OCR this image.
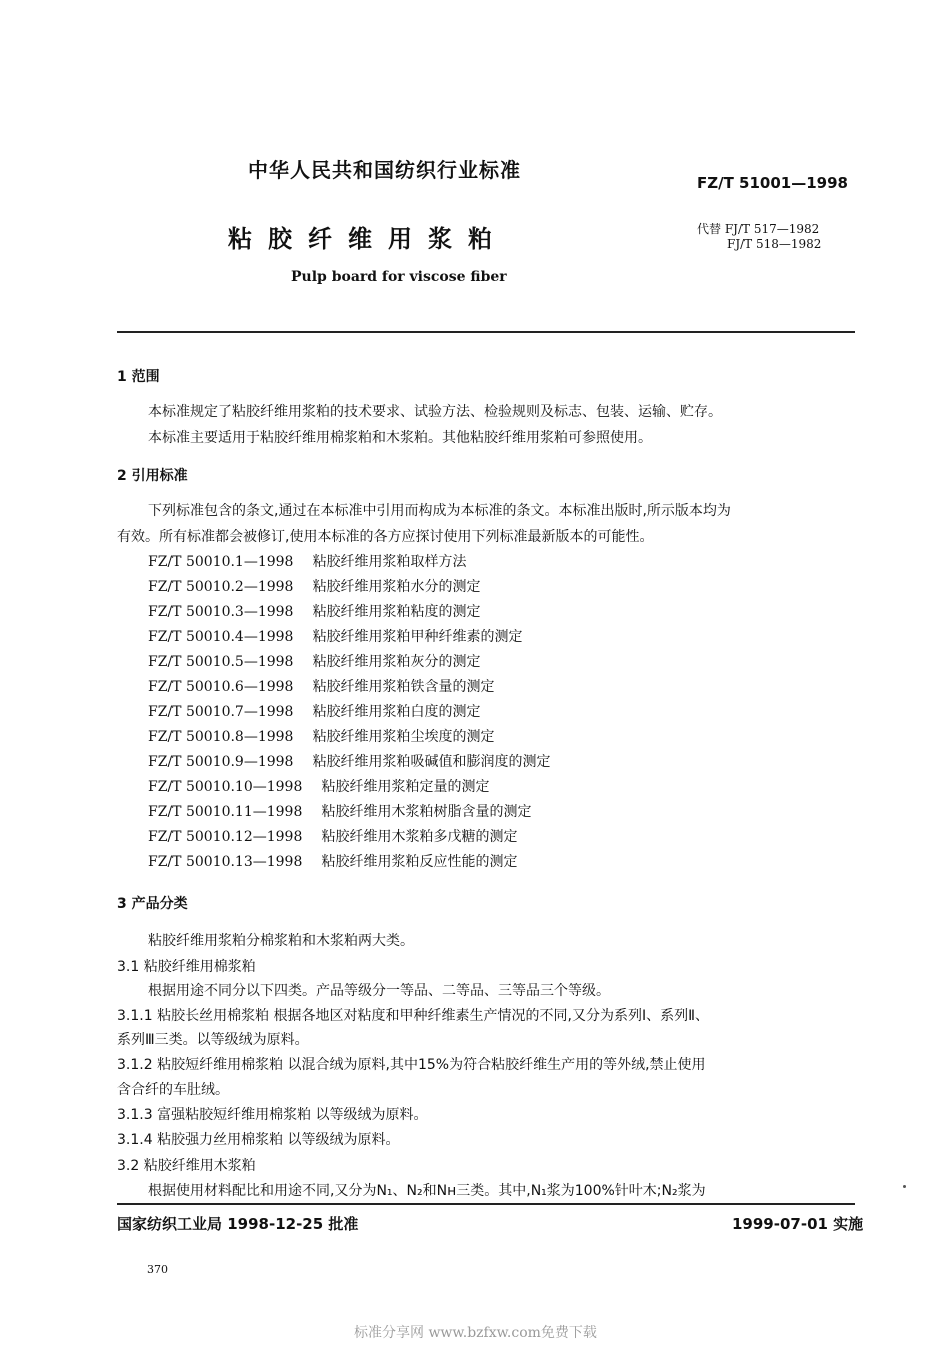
中华人民共和国纺织行业标准
FZ/T 51001—1998
粘胶纤维用浆粕	代替 FJ/T 517—1982
FJ/T 518—1982
Pulp board for viscose fiber
1 范围
本标准规定了粘胶纤维用浆粕的技术要求、试验方法、检验规则及标志、包装、运输、贮存。
本标准主要适用于粘胶纤维用棉浆粕和木浆粕。其他粘胶纤维用浆粕可参照使用。
2 引用标准
下列标准包含的条文,通过在本标准中引用而构成为本标准的条文。本标准出版时,所示版本均为
有效。所有标准都会被修订,使用本标准的各方应探讨使用下列标准最新版本的可能性。
FZ/T 50010.1—1998 粘胶纤维用浆粕取样方法
FZ/T 50010.2—1998 粘胶纤维用浆粕水分的测定
FZ/T 50010.3—1998 粘胶纤维用浆粕粘度的测定
FZ/T 50010.4—1998 粘胶纤维用浆粕甲种纤维素的测定
FZ/T 50010.5—1998 粘胶纤维用浆粕灰分的测定
FZ/T 50010.6—1998 粘胶纤维用浆粕铁含量的测定
FZ/T 50010.7—1998 粘胶纤维用浆粕白度的测定
FZ/T 50010.8—1998 粘胶纤维用浆粕尘埃度的测定
FZ/T 50010.9—1998 粘胶纤维用浆粕吸碱值和膨润度的测定
FZ/T 50010.10—1998 粘胶纤维用浆粕定量的测定
FZ/T 50010.11—1998 粘胶纤维用木浆粕树脂含量的测定
FZ/T 50010.12—1998 粘胶纤维用木浆粕多戊糖的测定
FZ/T 50010.13—1998 粘胶纤维用浆粕反应性能的测定
3 产品分类
粘胶纤维用浆粕分棉浆粕和木浆粕两大类。
3.1 粘胶纤维用棉浆粕
根据用途不同分以下四类。产品等级分一等品、二等品、三等品三个等级。
3.1.1 粘胶长丝用棉浆粕 根据各地区对粘度和甲种纤维素生产情况的不同,又分为系列Ⅰ、系列Ⅱ、
系列Ⅲ三类。以等级绒为原料。
3.1.2 粘胶短纤维用棉浆粕 以混合绒为原料,其中15%为符合粘胶纤维生产用的等外绒,禁止使用
含合纤的车肚绒。
3.1.3 富强粘胶短纤维用棉浆粕 以等级绒为原料。
3.1.4 粘胶强力丝用棉浆粕 以等级绒为原料。
3.2 粘胶纤维用木浆粕
根据使用材料配比和用途不同,又分为N₁、N₂和Nн三类。其中,N₁浆为100%针叶木;N₂浆为
国家纺织工业局 1998-12-25 批准	1999-07-01 实施
370
标准分享网 www.bzfxw.com免费下载
